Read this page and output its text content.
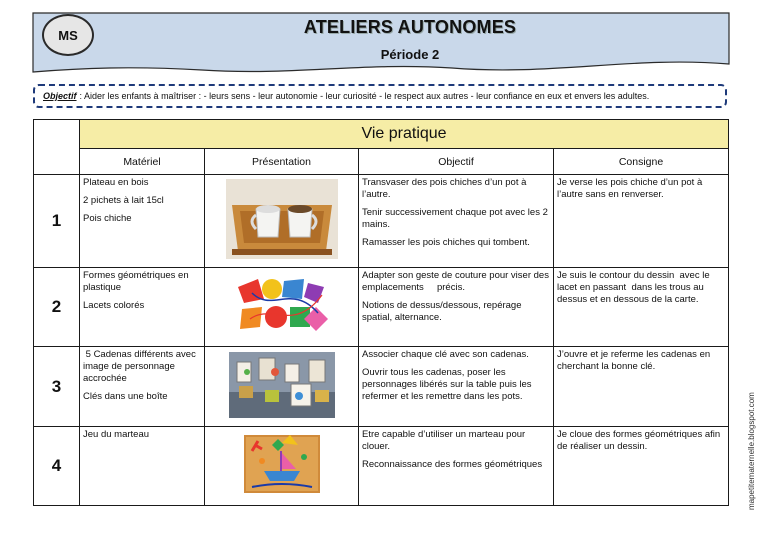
MS	ATELIERS AUTONOMES
Période 2
Objectif : Aider les enfants à maîtriser : - leurs sens - leur autonomie - leur curiosité - le respect aux autres - leur confiance en eux et envers les adultes.
	Vie pratique			
	Matériel	Présentation	Objectif	Consigne
1	Plateau en bois
2 pichets à lait 15cl
Pois chiche		Transvaser des pois chiches d’un pot à l’autre.
Tenir successivement chaque pot avec les 2 mains.
Ramasser les pois chiches qui tombent.	Je verse les pois chiche d’un pot à l’autre sans en renverser.

2	Formes géométriques en plastique
Lacets colorés		Adapter son geste de couture pour viser des emplacements     précis.
Notions de dessus/dessous, repérage spatial, alternance.	Je suis le contour du dessin  avec le lacet en passant  dans les trous au dessus et en dessous de la carte.

3	5 Cadenas différents avec image de personnage accrochée
Clés dans une boîte		Associer chaque clé avec son cadenas.
Ouvrir tous les cadenas, poser les personnages libérés sur la table puis les refermer et les remettre dans les pots.	J’ouvre et je referme les cadenas en cherchant la bonne clé.

4	Jeu du marteau		Etre capable d’utiliser un marteau pour clouer.
Reconnaissance des formes géométriques	Je cloue des formes géométriques afin de réaliser un dessin.	mapetitematernelle.blogspot.com
